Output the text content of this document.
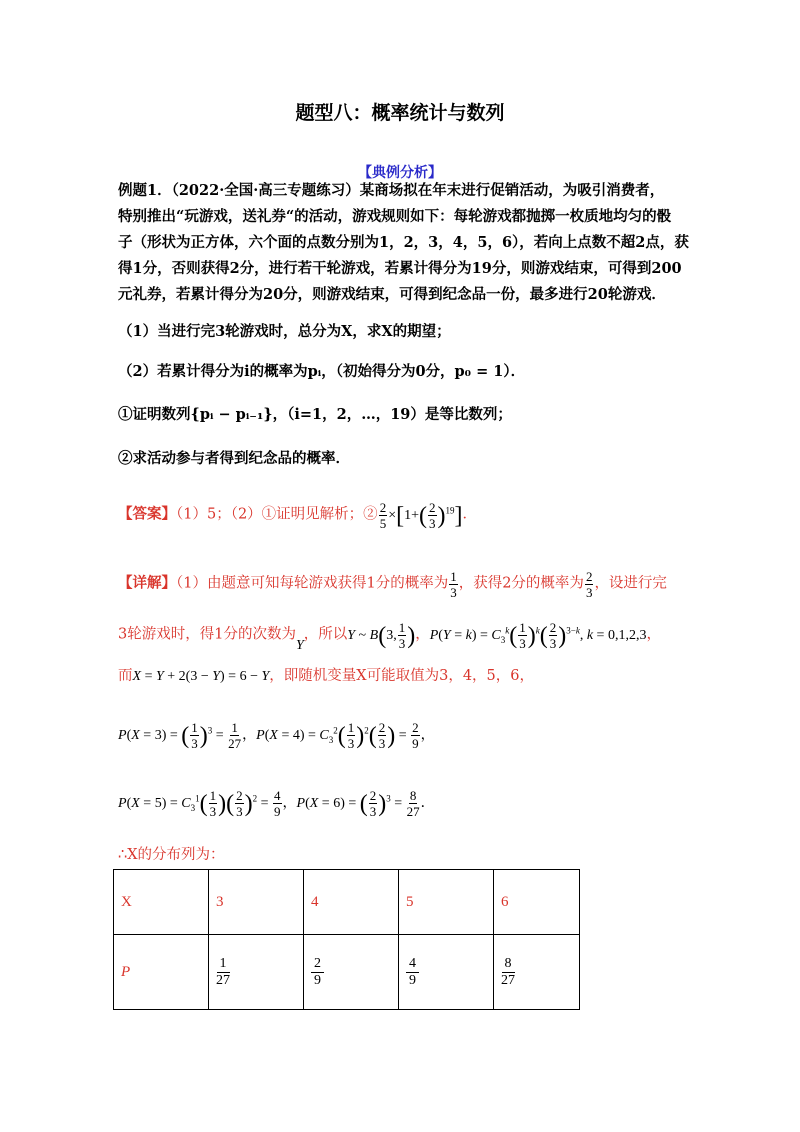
题型八：概率统计与数列
【典例分析】
例题1．（2022·全国·高三专题练习）某商场拟在年末进行促销活动，为吸引消费者，
特别推出“玩游戏，送礼券“的活动，游戏规则如下：每轮游戏都抛掷一枚质地均匀的骰
子（形状为正方体，六个面的点数分别为1，2，3，4，5，6），若向上点数不超2点，获
得1分，否则获得2分，进行若干轮游戏，若累计得分为19分，则游戏结束，可得到200
元礼券，若累计得分为20分，则游戏结束，可得到纪念品一份，最多进行20轮游戏．
（1）当进行完3轮游戏时，总分为X，求X的期望；
（2）若累计得分为i的概率为pᵢ，（初始得分为0分，p₀ = 1）．
①证明数列{pᵢ − pᵢ₋₁}，（i=1，2，…，19）是等比数列；
②求活动参与者得到纪念品的概率．
【答案】（1）5；（2）①证明见解析；② $\frac{2}{5} \times[1+( \frac{2}{3} )^{19}]$．
【详解】（1）由题意可知每轮游戏获得1分的概率为 $\frac{1}{3}$ ，获得2分的概率为 $\frac{2}{3}$ ，设进行完
3轮游戏时，得1分的次数为Y，所以Y ~ B(3, $\frac{1}{3}$ )，$P(Y = k) = C_3^k( \frac{1}{3} )^k( \frac{2}{3} )^{3-k}$, k = 0,1,2,3，
而X = Y + 2(3 − Y) = 6 − Y，即随机变量X可能取值为3，4，5，6，
P(X = 3) = ( $\frac{1}{3} )^3 = \frac{1}{27}$ ，$P(X = 4) = C_3^2( \frac{1}{3} )^2( \frac{2}{3}$ ) = $\frac{2}{9}$ ，
$P(X = 5) = C_3^1( \frac{1}{3}$ )( $\frac{2}{3} )^2 = \frac{4}{9}$ ，P(X = 6) = ( $\frac{2}{3} )^3 = \frac{8}{27}$ ．
∴X的分布列为：
X	3	4	5	6
P	$\frac{1}{27}$	$\frac{2}{9}$	$\frac{4}{9}$	$\frac{8}{27}$
